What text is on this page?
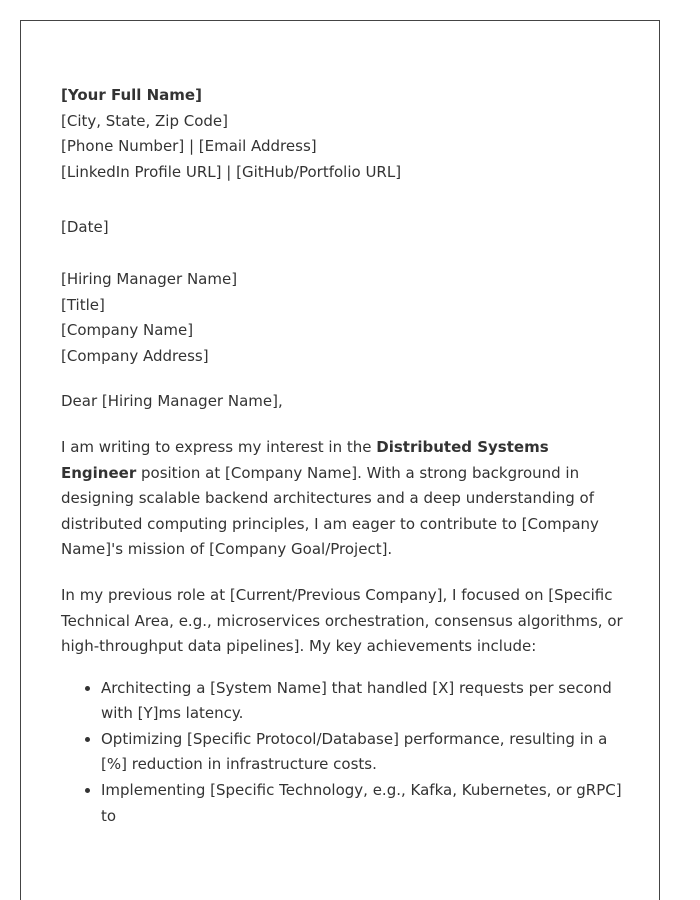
[Your Full Name]
[City, State, Zip Code]
[Phone Number] | [Email Address]
[LinkedIn Profile URL] | [GitHub/Portfolio URL]
[Date]
[Hiring Manager Name]
[Title]
[Company Name]
[Company Address]
Dear [Hiring Manager Name],

I am writing to express my interest in the Distributed Systems Engineer position at [Company Name]. With a strong background in designing scalable backend architectures and a deep understanding of distributed computing principles, I am eager to contribute to [Company Name]'s mission of [Company Goal/Project].

In my previous role at [Current/Previous Company], I focused on [Specific Technical Area, e.g., microservices orchestration, consensus algorithms, or high-throughput data pipelines]. My key achievements include:

• Architecting a [System Name] that handled [X] requests per second with [Y]ms latency.
• Optimizing [Specific Protocol/Database] performance, resulting in a [%] reduction in infrastructure costs.
• Implementing [Specific Technology, e.g., Kafka, Kubernetes, or gRPC] to
